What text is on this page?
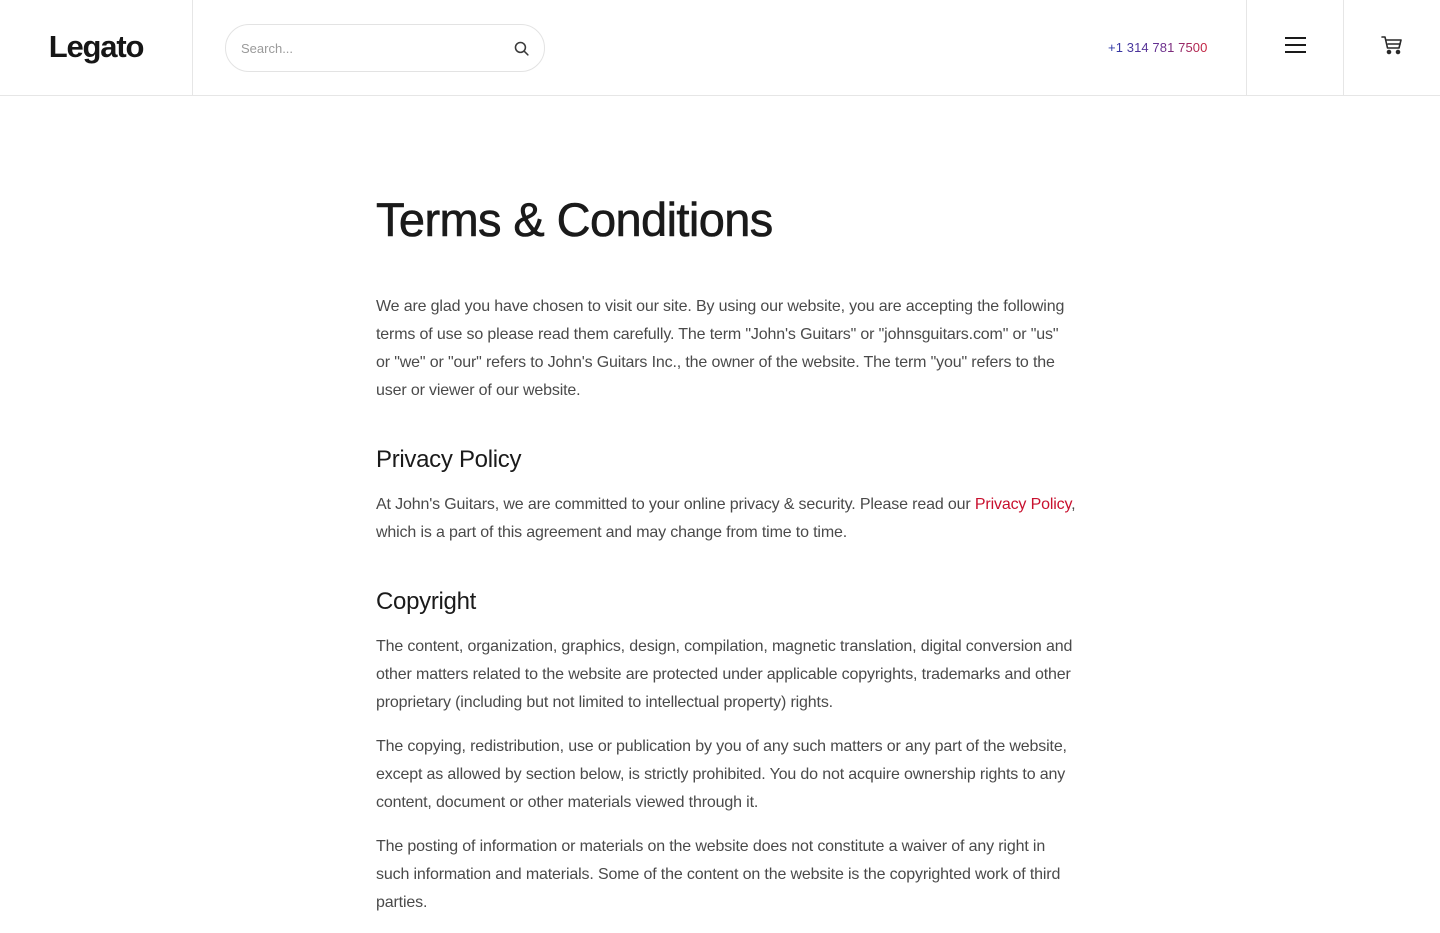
Legato
Search...	+1 314 781 7500
Terms & Conditions

We are glad you have chosen to visit our site. By using our website, you are accepting the following terms of use so please read them carefully. The term "John's Guitars" or "johnsguitars.com" or "us" or "we" or "our" refers to John's Guitars Inc., the owner of the website. The term "you" refers to the user or viewer of our website.

Privacy Policy

At John's Guitars, we are committed to your online privacy & security. Please read our Privacy Policy, which is a part of this agreement and may change from time to time.

Copyright

The content, organization, graphics, design, compilation, magnetic translation, digital conversion and other matters related to the website are protected under applicable copyrights, trademarks and other proprietary (including but not limited to intellectual property) rights.

The copying, redistribution, use or publication by you of any such matters or any part of the website, except as allowed by section below, is strictly prohibited. You do not acquire ownership rights to any content, document or other materials viewed through it.

The posting of information or materials on the website does not constitute a waiver of any right in such information and materials. Some of the content on the website is the copyrighted work of third parties.
